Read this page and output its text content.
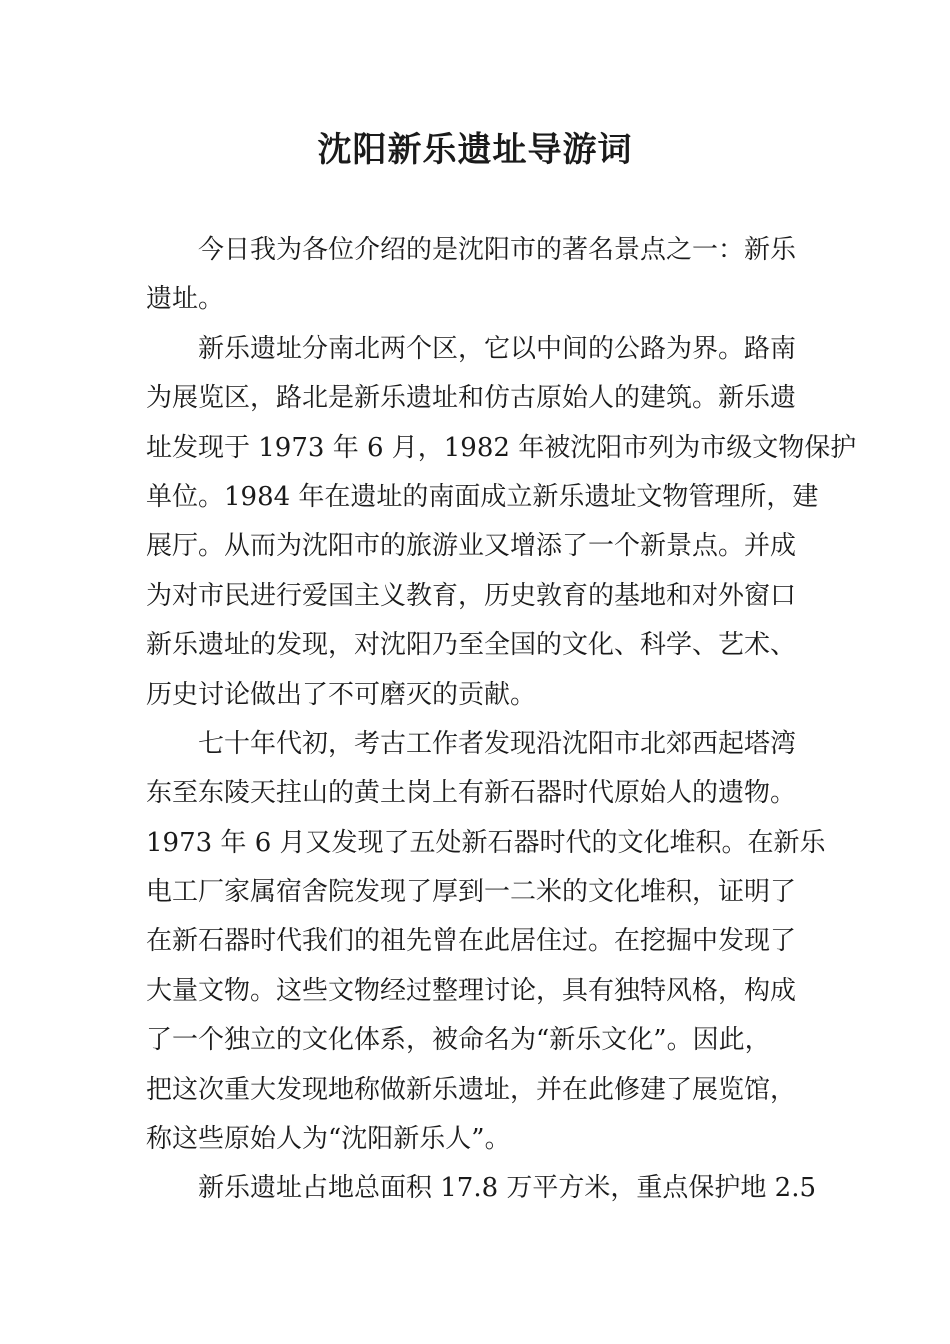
沈阳新乐遗址导游词
今日我为各位介绍的是沈阳市的著名景点之一：新乐
遗址。
新乐遗址分南北两个区，它以中间的公路为界。路南
为展览区，路北是新乐遗址和仿古原始人的建筑。新乐遗
址发现于 1973 年 6 月，1982 年被沈阳市列为市级文物保护
单位。1984 年在遗址的南面成立新乐遗址文物管理所，建
展厅。从而为沈阳市的旅游业又增添了一个新景点。并成
为对市民进行爱国主义教育，历史敦育的基地和对外窗口
新乐遗址的发现，对沈阳乃至全国的文化、科学、艺术、
历史讨论做出了不可磨灭的贡献。
七十年代初，考古工作者发现沿沈阳市北郊西起塔湾
东至东陵天拄山的黄土岗上有新石器时代原始人的遗物。
1973 年 6 月又发现了五处新石器时代的文化堆积。在新乐
电工厂家属宿舍院发现了厚到一二米的文化堆积，证明了
在新石器时代我们的祖先曾在此居住过。在挖掘中发现了
大量文物。这些文物经过整理讨论，具有独特风格，构成
了一个独立的文化体系，被命名为“新乐文化”。因此，
把这次重大发现地称做新乐遗址，并在此修建了展览馆，
称这些原始人为“沈阳新乐人”。
新乐遗址占地总面积 17.8 万平方米，重点保护地 2.5
